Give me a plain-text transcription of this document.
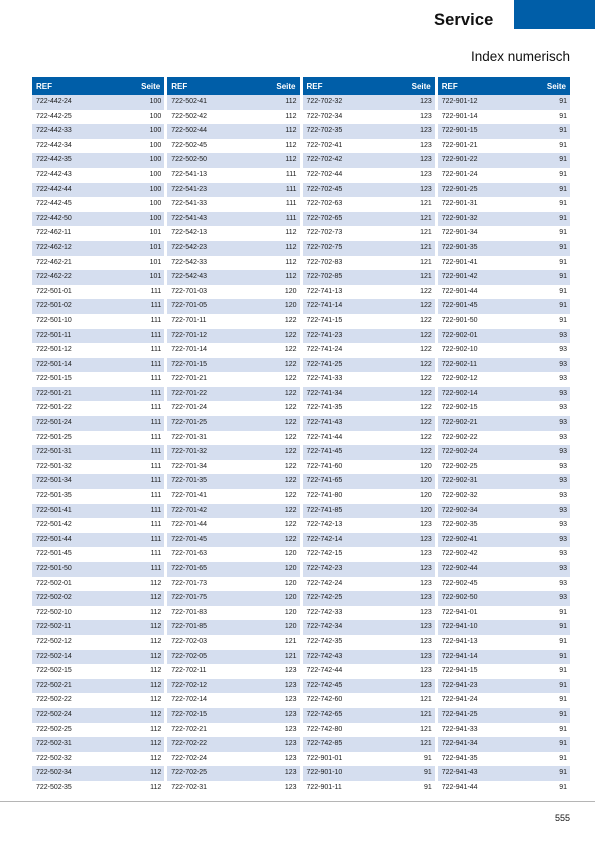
Service
Index numerisch
REF	Seite
722-442-24	100
722-442-25	100
722-442-33	100
722-442-34	100
722-442-35	100
722-442-43	100
722-442-44	100
722-442-45	100
722-442-50	100
722-462-11	101
722-462-12	101
722-462-21	101
722-462-22	101
722-501-01	111
722-501-02	111
722-501-10	111
722-501-11	111
722-501-12	111
722-501-14	111
722-501-15	111
722-501-21	111
722-501-22	111
722-501-24	111
722-501-25	111
722-501-31	111
722-501-32	111
722-501-34	111
722-501-35	111
722-501-41	111
722-501-42	111
722-501-44	111
722-501-45	111
722-501-50	111
722-502-01	112
722-502-02	112
722-502-10	112
722-502-11	112
722-502-12	112
722-502-14	112
722-502-15	112
722-502-21	112
722-502-22	112
722-502-24	112
722-502-25	112
722-502-31	112
722-502-32	112
722-502-34	112
722-502-35	112
REF	Seite
722-502-41	112
722-502-42	112
722-502-44	112
722-502-45	112
722-502-50	112
722-541-13	111
722-541-23	111
722-541-33	111
722-541-43	111
722-542-13	112
722-542-23	112
722-542-33	112
722-542-43	112
722-701-03	120
722-701-05	120
722-701-11	122
722-701-12	122
722-701-14	122
722-701-15	122
722-701-21	122
722-701-22	122
722-701-24	122
722-701-25	122
722-701-31	122
722-701-32	122
722-701-34	122
722-701-35	122
722-701-41	122
722-701-42	122
722-701-44	122
722-701-45	122
722-701-63	120
722-701-65	120
722-701-73	120
722-701-75	120
722-701-83	120
722-701-85	120
722-702-03	121
722-702-05	121
722-702-11	123
722-702-12	123
722-702-14	123
722-702-15	123
722-702-21	123
722-702-22	123
722-702-24	123
722-702-25	123
722-702-31	123
REF	Seite
722-702-32	123
722-702-34	123
722-702-35	123
722-702-41	123
722-702-42	123
722-702-44	123
722-702-45	123
722-702-63	121
722-702-65	121
722-702-73	121
722-702-75	121
722-702-83	121
722-702-85	121
722-741-13	122
722-741-14	122
722-741-15	122
722-741-23	122
722-741-24	122
722-741-25	122
722-741-33	122
722-741-34	122
722-741-35	122
722-741-43	122
722-741-44	122
722-741-45	122
722-741-60	120
722-741-65	120
722-741-80	120
722-741-85	120
722-742-13	123
722-742-14	123
722-742-15	123
722-742-23	123
722-742-24	123
722-742-25	123
722-742-33	123
722-742-34	123
722-742-35	123
722-742-43	123
722-742-44	123
722-742-45	123
722-742-60	121
722-742-65	121
722-742-80	121
722-742-85	121
722-901-01	91
722-901-10	91
722-901-11	91
REF	Seite
722-901-12	91
722-901-14	91
722-901-15	91
722-901-21	91
722-901-22	91
722-901-24	91
722-901-25	91
722-901-31	91
722-901-32	91
722-901-34	91
722-901-35	91
722-901-41	91
722-901-42	91
722-901-44	91
722-901-45	91
722-901-50	91
722-902-01	93
722-902-10	93
722-902-11	93
722-902-12	93
722-902-14	93
722-902-15	93
722-902-21	93
722-902-22	93
722-902-24	93
722-902-25	93
722-902-31	93
722-902-32	93
722-902-34	93
722-902-35	93
722-902-41	93
722-902-42	93
722-902-44	93
722-902-45	93
722-902-50	93
722-941-01	91
722-941-10	91
722-941-13	91
722-941-14	91
722-941-15	91
722-941-23	91
722-941-24	91
722-941-25	91
722-941-33	91
722-941-34	91
722-941-35	91
722-941-43	91
722-941-44	91
555
